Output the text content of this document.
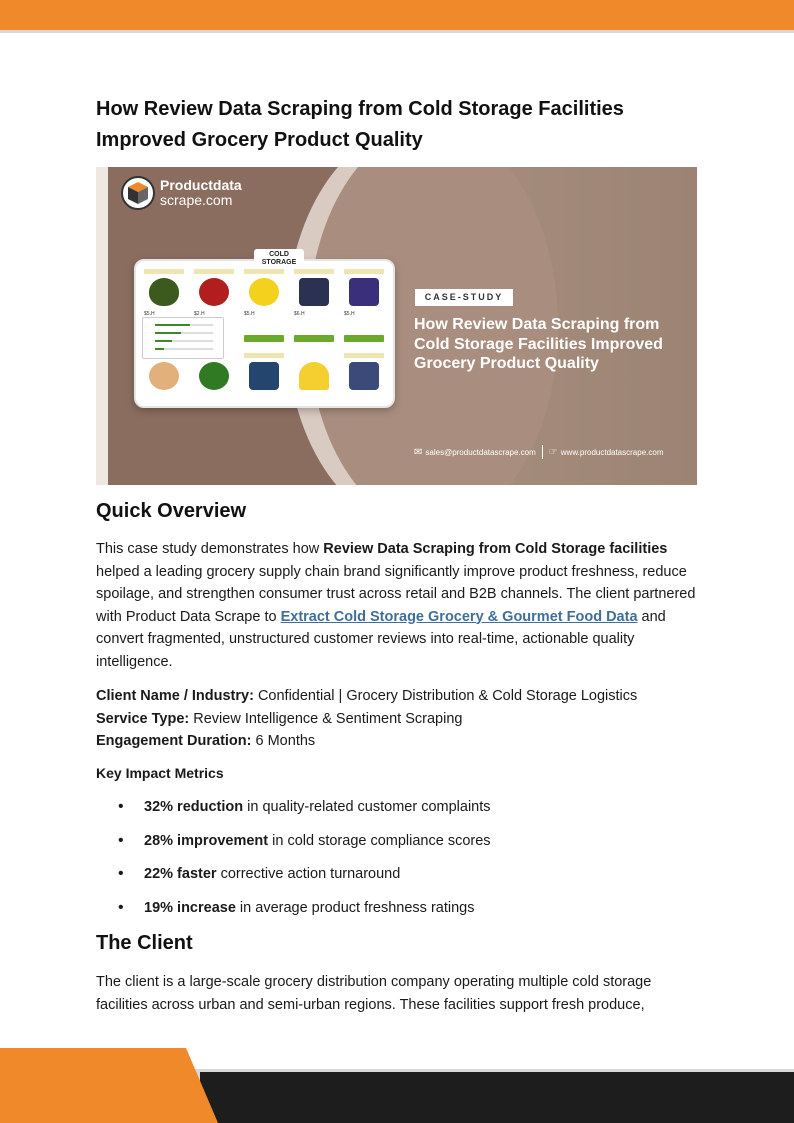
How Review Data Scraping from Cold Storage Facilities Improved Grocery Product Quality
Productdata
scrape.com
COLD STORAGE
$5.H	$2.H	$5.H	$6.H	$5.H
CASE-STUDY
How Review Data Scraping from Cold Storage Facilities Improved Grocery Product Quality
✉ sales@productdatascrape.com ☞ www.productdatascrape.com
Quick Overview

This case study demonstrates how Review Data Scraping from Cold Storage facilities helped a leading grocery supply chain brand significantly improve product freshness, reduce spoilage, and strengthen consumer trust across retail and B2B channels. The client partnered with Product Data Scrape to Extract Cold Storage Grocery & Gourmet Food Data and convert fragmented, unstructured customer reviews into real-time, actionable quality intelligence.

Client Name / Industry: Confidential | Grocery Distribution & Cold Storage Logistics
Service Type: Review Intelligence & Sentiment Scraping
Engagement Duration: 6 Months

Key Impact Metrics

• 32% reduction in quality-related customer complaints
• 28% improvement in cold storage compliance scores
• 22% faster corrective action turnaround
• 19% increase in average product freshness ratings
The Client

The client is a large-scale grocery distribution company operating multiple cold storage facilities across urban and semi-urban regions. These facilities support fresh produce,
